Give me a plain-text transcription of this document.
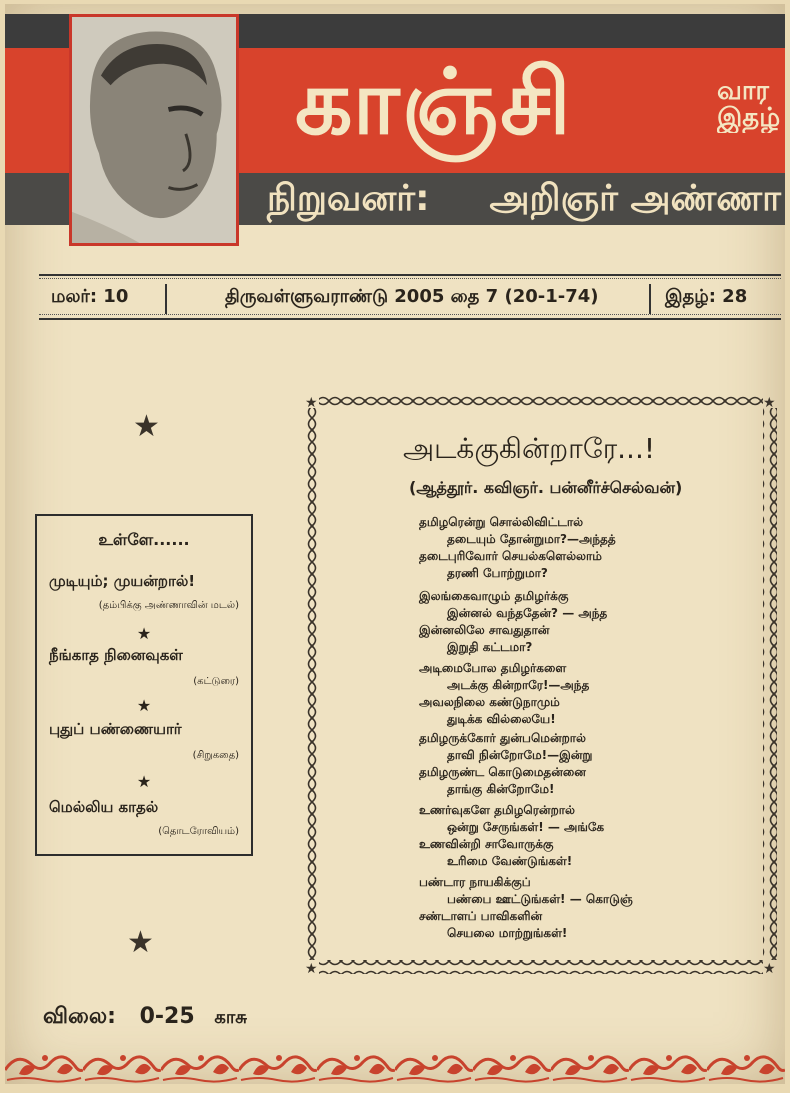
காஞ்சி	வார
இதழ்
நிறுவனர்: அறிஞர் அண்ணா
மலர்: 10	திருவள்ளுவராண்டு 2005 தை 7 (20-1-74)	இதழ்: 28
★
★
உள்ளே......
முடியும்; முயன்றால்!
(தம்பிக்கு அண்ணாவின் மடல்)
★
நீங்காத நினைவுகள்
(கட்டுரை)
★
புதுப் பண்ணையார்
(சிறுகதை)
★
மெல்லிய காதல்
(தொடரோவியம்)
விலை: 0-25 காசு
★	★
★	★
அடக்குகின்றாரே...!
(ஆத்தூர். கவிஞர். பன்னீர்ச்செல்வன்)
தமிழரென்று சொல்லிவிட்டால்
தடையும் தோன்றுமா?—அந்தத்
தடைபுரிவோர் செயல்களெல்லாம்
தரணி போற்றுமா?
இலங்கைவாழும் தமிழர்க்கு
இன்னல் வந்ததேன்? — அந்த
இன்னலிலே சாவதுதான்
இறுதி கட்டமா?
அடிமைபோல தமிழர்களை
அடக்கு கின்றாரே!—அந்த
அவலநிலை கண்டுநாமும்
துடிக்க வில்லையே!
தமிழருக்கோர் துன்பமென்றால்
தாவி நின்றோமே!—இன்று
தமிழருண்ட கொடுமைதன்னை
தாங்கு கின்றோமே!
உணர்வுகளே தமிழரென்றால்
ஒன்று சேருங்கள்! — அங்கே
உணவின்றி சாவோருக்கு
உரிமை வேண்டுங்கள்!
பண்டார நாயகிக்குப்
பண்பை ஊட்டுங்கள்! — கொடுஞ்
சண்டாளப் பாவிகளின்
செயலை மாற்றுங்கள்!
